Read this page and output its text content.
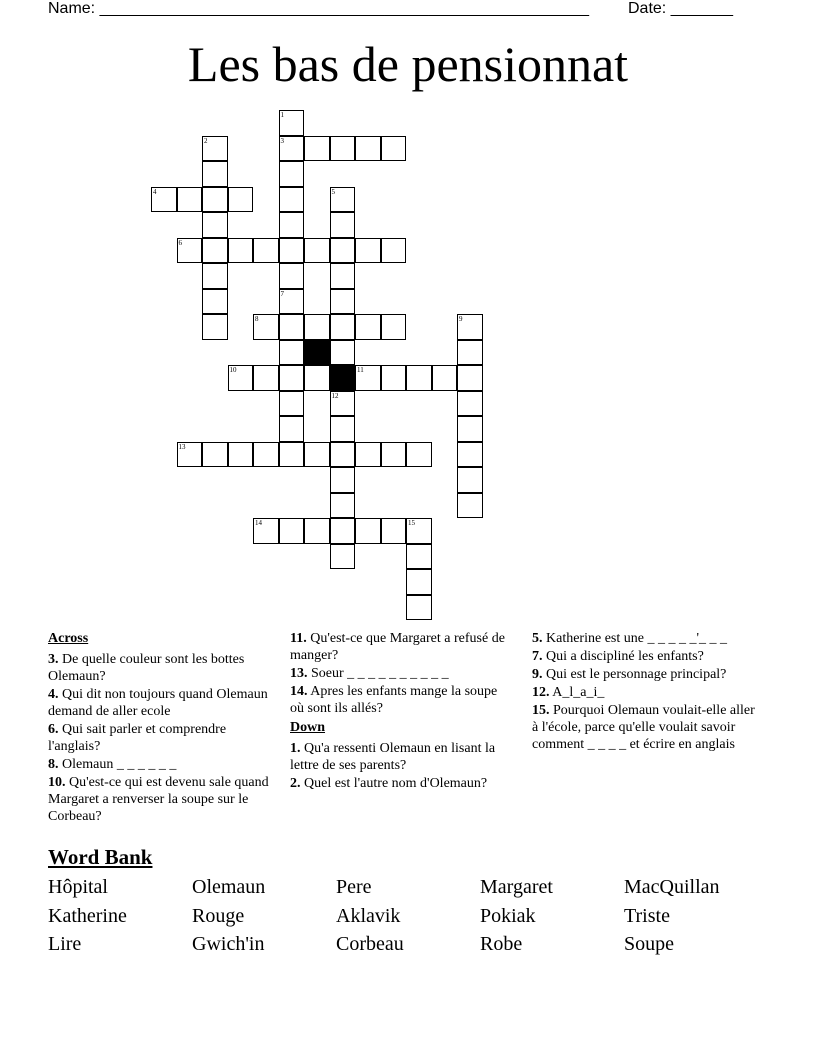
Name: _______________________________________________________ Date: _______
Les bas de pensionnat
1
3
2
4	5
6
7
8	9
10	11
12
13
14	15
Across
3. De quelle couleur sont les bottes Olemaun?
4. Qui dit non toujours quand Olemaun demand de aller ecole
6. Qui sait parler et comprendre l'anglais?
8. Olemaun _ _ _ _ _ _
10. Qu'est-ce qui est devenu sale quand Margaret a renverser la soupe sur le Corbeau?
11. Qu'est-ce que Margaret a refusé de manger?
13. Soeur _ _ _ _ _ _ _ _ _ _
14. Apres les enfants mange la soupe où sont ils allés?
Down
1. Qu'a ressenti Olemaun en lisant la lettre de ses parents?
2. Quel est l'autre nom d'Olemaun?
5. Katherine est une _ _ _ _ _'_ _ _
7. Qui a discipliné les enfants?
9. Qui est le personnage principal?
12. A_l_a_i_
15. Pourquoi Olemaun voulait-elle aller à l'école, parce qu'elle voulait savoir comment _ _ _ _ et écrire en anglais
Word Bank
Hôpital	Olemaun	Pere	Margaret	MacQuillan
Katherine	Rouge	Aklavik	Pokiak	Triste
Lire	Gwich'in	Corbeau	Robe	Soupe
